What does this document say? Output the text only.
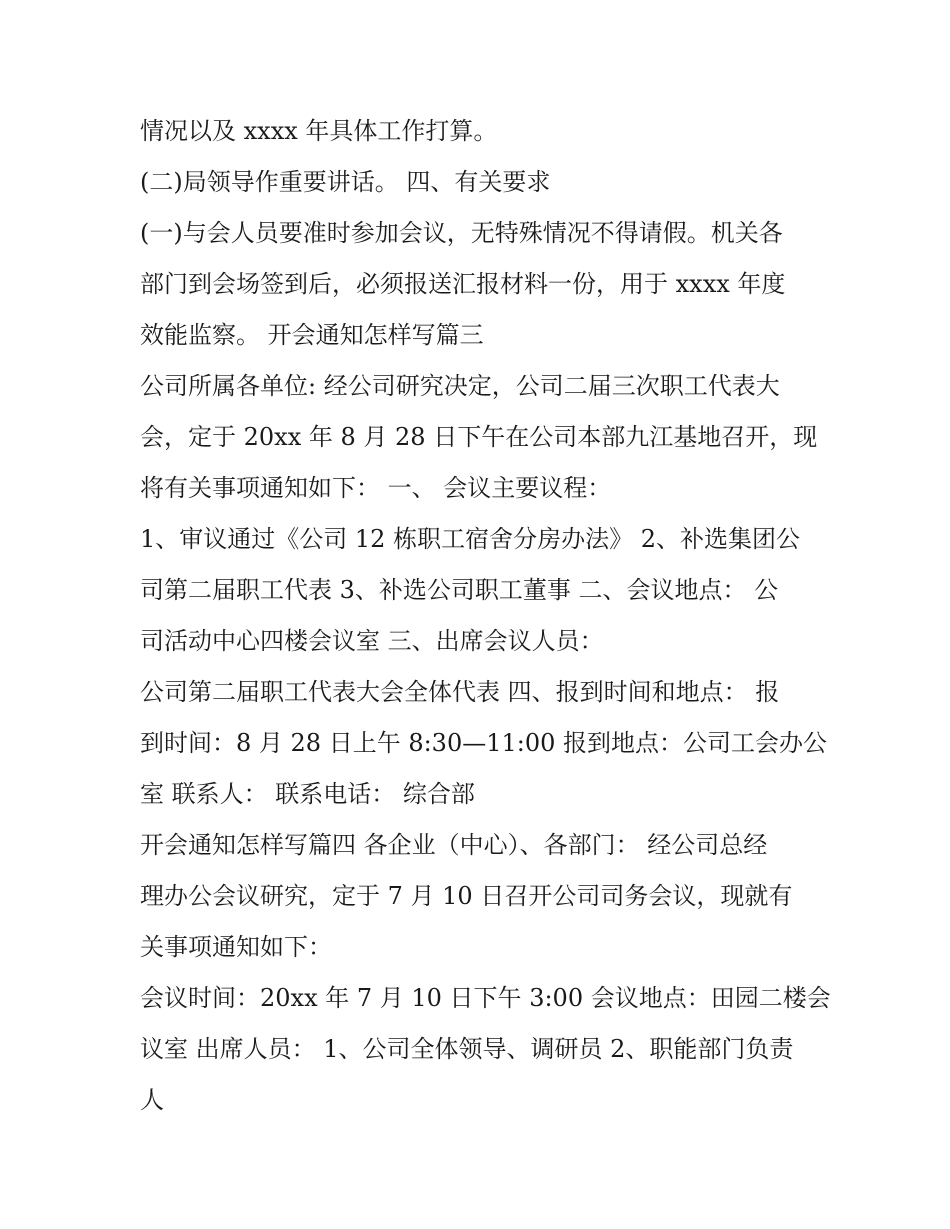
情况以及 xxxx 年具体工作打算。
(二)局领导作重要讲话。 四、有关要求
(一)与会人员要准时参加会议，无特殊情况不得请假。机关各
部门到会场签到后，必须报送汇报材料一份，用于 xxxx 年度
效能监察。 开会通知怎样写篇三
公司所属各单位: 经公司研究决定，公司二届三次职工代表大
会，定于 20xx 年 8 月 28 日下午在公司本部九江基地召开，现
将有关事项通知如下： 一、 会议主要议程：
1、审议通过《公司 12 栋职工宿舍分房办法》 2、补选集团公
司第二届职工代表 3、补选公司职工董事 二、会议地点： 公
司活动中心四楼会议室 三、出席会议人员：
公司第二届职工代表大会全体代表 四、报到时间和地点： 报
到时间：8 月 28 日上午 8:30—11:00 报到地点：公司工会办公
室 联系人： 联系电话： 综合部
开会通知怎样写篇四 各企业（中心）、各部门： 经公司总经
理办公会议研究，定于 7 月 10 日召开公司司务会议，现就有
关事项通知如下：
会议时间：20xx 年 7 月 10 日下午 3:00 会议地点：田园二楼会
议室 出席人员： 1、公司全体领导、调研员 2、职能部门负责
人
